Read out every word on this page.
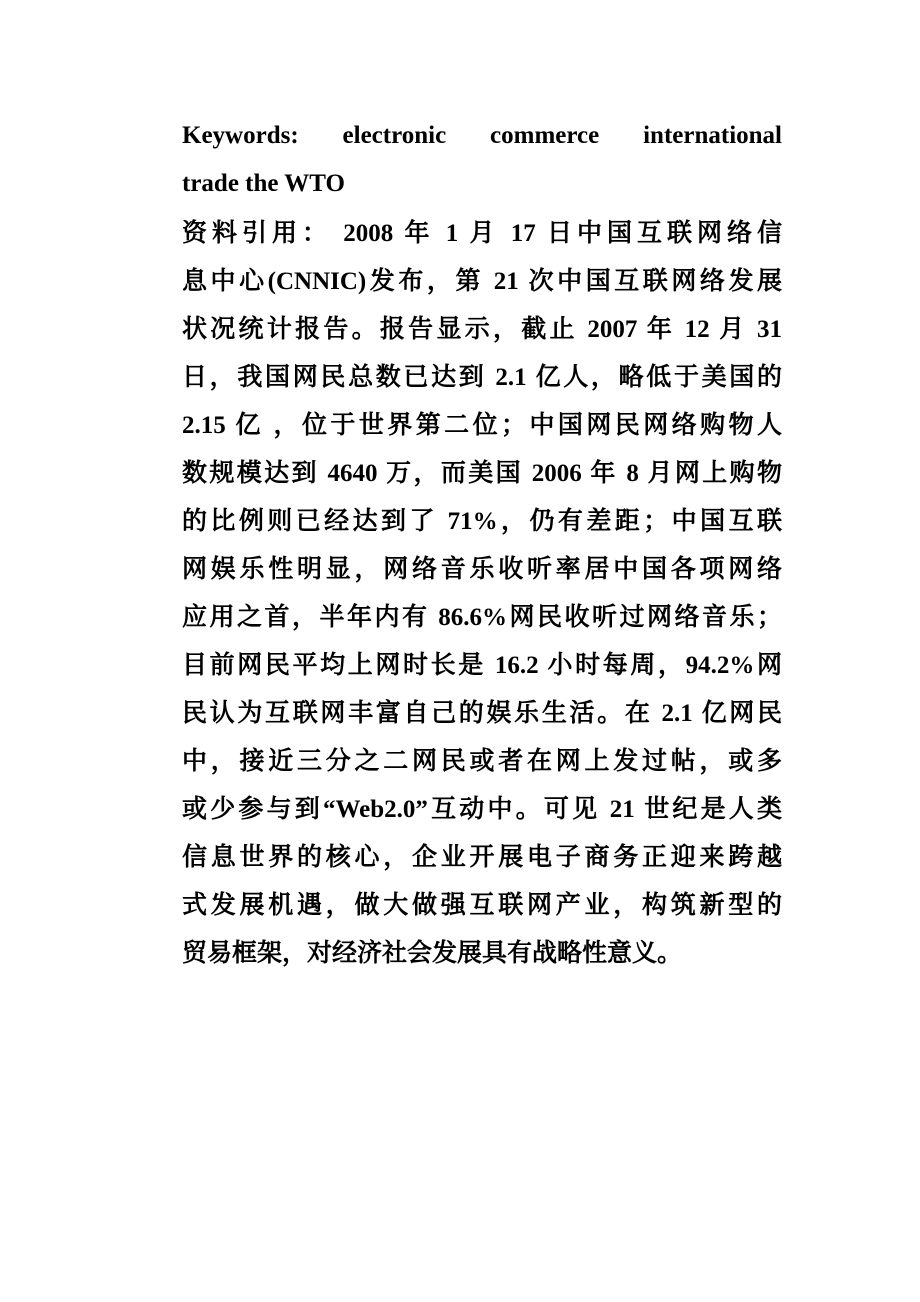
Keywords: electronic commerce international
trade the WTO
资料引用： 2008 年 1 月 17 日中国互联网络信
息中心(CNNIC)发布，第 21 次中国互联网络发展
状况统计报告。报告显示，截止 2007 年 12 月 31
日，我国网民总数已达到 2.1 亿人，略低于美国的
2.15 亿 ，位于世界第二位；中国网民网络购物人
数规模达到 4640 万，而美国 2006 年 8 月网上购物
的比例则已经达到了 71%，仍有差距；中国互联
网娱乐性明显，网络音乐收听率居中国各项网络
应用之首，半年内有 86.6%网民收听过网络音乐；
目前网民平均上网时长是 16.2 小时每周，94.2%网
民认为互联网丰富自己的娱乐生活。在 2.1 亿网民
中，接近三分之二网民或者在网上发过帖，或多
或少参与到“Web2.0”互动中。可见 21 世纪是人类
信息世界的核心，企业开展电子商务正迎来跨越
式发展机遇，做大做强互联网产业，构筑新型的
贸易框架，对经济社会发展具有战略性意义。
